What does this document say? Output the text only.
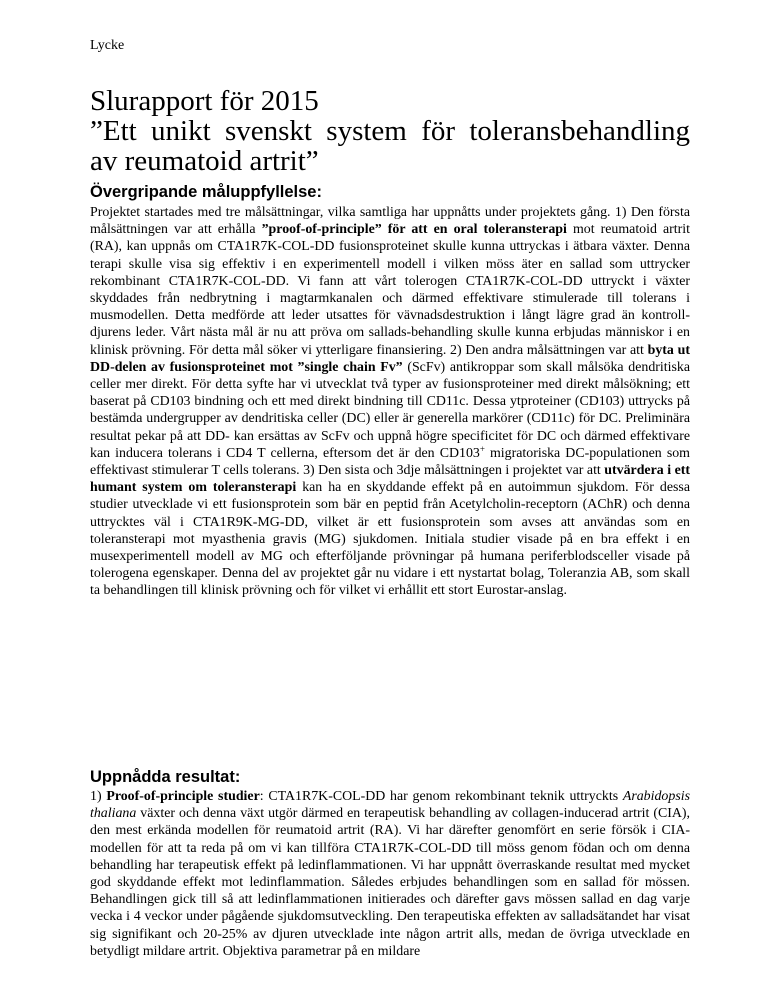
Lycke
Slurapport för 2015
”Ett unikt svenskt system för toleransbehandling
av reumatoid artrit”
Övergripande måluppfyllelse:

Projektet startades med tre målsättningar, vilka samtliga har uppnåtts under projektets gång. 1) Den första målsättningen var att erhålla ”proof-of-principle” för att en oral toleransterapi mot reumatoid artrit (RA), kan uppnås om CTA1R7K-COL-DD fusionsproteinet skulle kunna uttryckas i ätbara växter. Denna terapi skulle visa sig effektiv i en experimentell modell i vilken möss äter en sallad som uttrycker rekombinant CTA1R7K-COL-DD. Vi fann att vårt tolerogen CTA1R7K-COL-DD uttryckt i växter skyddades från nedbrytning i magtarmkanalen och därmed effektivare stimulerade till tolerans i musmodellen. Detta medförde att leder utsattes för vävnadsdestruktion i långt lägre grad än kontroll-djurens leder. Vårt nästa mål är nu att pröva om sallads-behandling skulle kunna erbjudas människor i en klinisk prövning. För detta mål söker vi ytterligare finansiering. 2) Den andra målsättningen var att byta ut DD-delen av fusionsproteinet mot ”single chain Fv” (ScFv) antikroppar som skall målsöka dendritiska celler mer direkt. För detta syfte har vi utvecklat två typer av fusionsproteiner med direkt målsökning; ett baserat på CD103 bindning och ett med direkt bindning till CD11c. Dessa ytproteiner (CD103) uttrycks på bestämda undergrupper av dendritiska celler (DC) eller är generella markörer (CD11c) för DC. Preliminära resultat pekar på att DD- kan ersättas av ScFv och uppnå högre specificitet för DC och därmed effektivare kan inducera tolerans i CD4 T cellerna, eftersom det är den CD103+ migratoriska DC-populationen som effektivast stimulerar T cells tolerans. 3) Den sista och 3dje målsättningen i projektet var att utvärdera i ett humant system om toleransterapi kan ha en skyddande effekt på en autoimmun sjukdom. För dessa studier utvecklade vi ett fusionsprotein som bär en peptid från Acetylcholin-receptorn (AChR) och denna uttrycktes väl i CTA1R9K-MG-DD, vilket är ett fusionsprotein som avses att användas som en toleransterapi mot myasthenia gravis (MG) sjukdomen. Initiala studier visade på en bra effekt i en musexperimentell modell av MG och efterföljande prövningar på humana periferblodsceller visade på tolerogena egenskaper. Denna del av projektet går nu vidare i ett nystartat bolag, Toleranzia AB, som skall ta behandlingen till klinisk prövning och för vilket vi erhållit ett stort Eurostar-anslag.

Uppnådda resultat:

1) Proof-of-principle studier: CTA1R7K-COL-DD har genom rekombinant teknik uttryckts Arabidopsis thaliana växter och denna växt utgör därmed en terapeutisk behandling av collagen-inducerad artrit (CIA), den mest erkända modellen för reumatoid artrit (RA). Vi har därefter genomfört en serie försök i CIA-modellen för att ta reda på om vi kan tillföra CTA1R7K-COL-DD till möss genom födan och om denna behandling har terapeutisk effekt på ledinflammationen. Vi har uppnått överraskande resultat med mycket god skyddande effekt mot ledinflammation. Således erbjudes behandlingen som en sallad för mössen. Behandlingen gick till så att ledinflammationen initierades och därefter gavs mössen sallad en dag varje vecka i 4 veckor under pågående sjukdomsutveckling. Den terapeutiska effekten av salladsätandet har visat sig signifikant och 20-25% av djuren utvecklade inte någon artrit alls, medan de övriga utvecklade en betydligt mildare artrit. Objektiva parametrar på en mildare
